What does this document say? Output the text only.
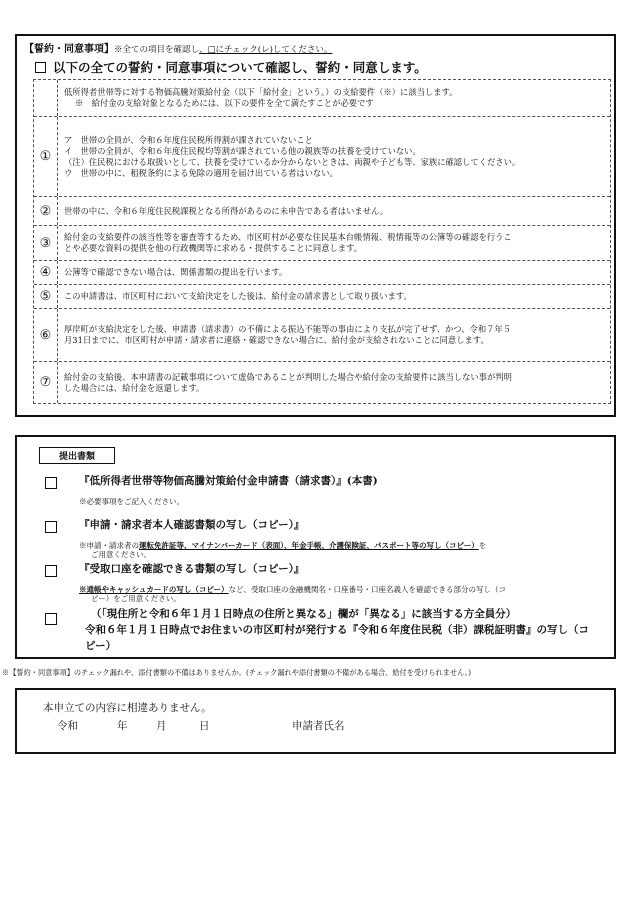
【誓約・同意事項】※全ての項目を確認し、□にチェック(レ)してください。
以下の全ての誓約・同意事項について確認し、誓約・同意します。
低所得者世帯等に対する物価高騰対策給付金（以下「給付金」という。）の支給要件（※）に該当します。
※　給付金の支給対象となるためには、以下の要件を全て満たすことが必要です
①
ア　世帯の全員が、令和６年度住民税所得割が課されていないこと
イ　世帯の全員が、令和６年度住民税均等割が課されている他の親族等の扶養を受けていない。
（注）住民税における取扱いとして、扶養を受けているか分からないときは、両親や子ども等、家族に確認してください。
ウ　世帯の中に、租税条約による免除の適用を届け出ている者はいない。
②	世帯の中に、令和６年度住民税課税となる所得があるのに未申告である者はいません。
③	給付金の支給要件の該当性等を審査等するため、市区町村が必要な住民基本台帳情報、税情報等の公簿等の確認を行うこ
とや必要な資料の提供を他の行政機関等に求める・提供することに同意します。
④	公簿等で確認できない場合は、関係書類の提出を行います。
⑤	この申請書は、市区町村において支給決定をした後は、給付金の請求書として取り扱います。
⑥	厚岸町が支給決定をした後、申請書（請求書）の不備による振込不能等の事由により支払が完了せず、かつ、令和７年５
月31日までに、市区町村が申請・請求者に連絡・確認できない場合に、給付金が支給されないことに同意します。
⑦	給付金の支給後、本申請書の記載事項について虚偽であることが判明した場合や給付金の支給要件に該当しない事が判明
した場合には、給付金を返還します。
提出書類
『低所得者世帯等物価高騰対策給付金申請書（請求書）』(本書)
※必要事項をご記入ください。
『申請・請求者本人確認書類の写し（コピー）』
※申請・請求者の運転免許証等、マイナンバーカード（表面）、年金手帳、介護保険証、パスポート等の写し（コピー）を
ご用意ください。
『受取口座を確認できる書類の写し（コピー）』
※通帳やキャッシュカードの写し（コピー）など、受取口座の金融機関名・口座番号・口座名義人を確認できる部分の写し（コ
ピー）をご用意ください。
（「現住所と令和６年１月１日時点の住所と異なる」欄が「異なる」に該当する方全員分）
令和６年１月１日時点でお住まいの市区町村が発行する『令和６年度住民税（非）課税証明書』の写し（コ
ピー）
※【誓約・同意事項】のチェック漏れや、添付書類の不備はありませんか。(チェック漏れや添付書類の不備がある場合、給付を受けられません。)
本申立ての内容に相違ありません。
令和	年	月	日	申請者氏名
